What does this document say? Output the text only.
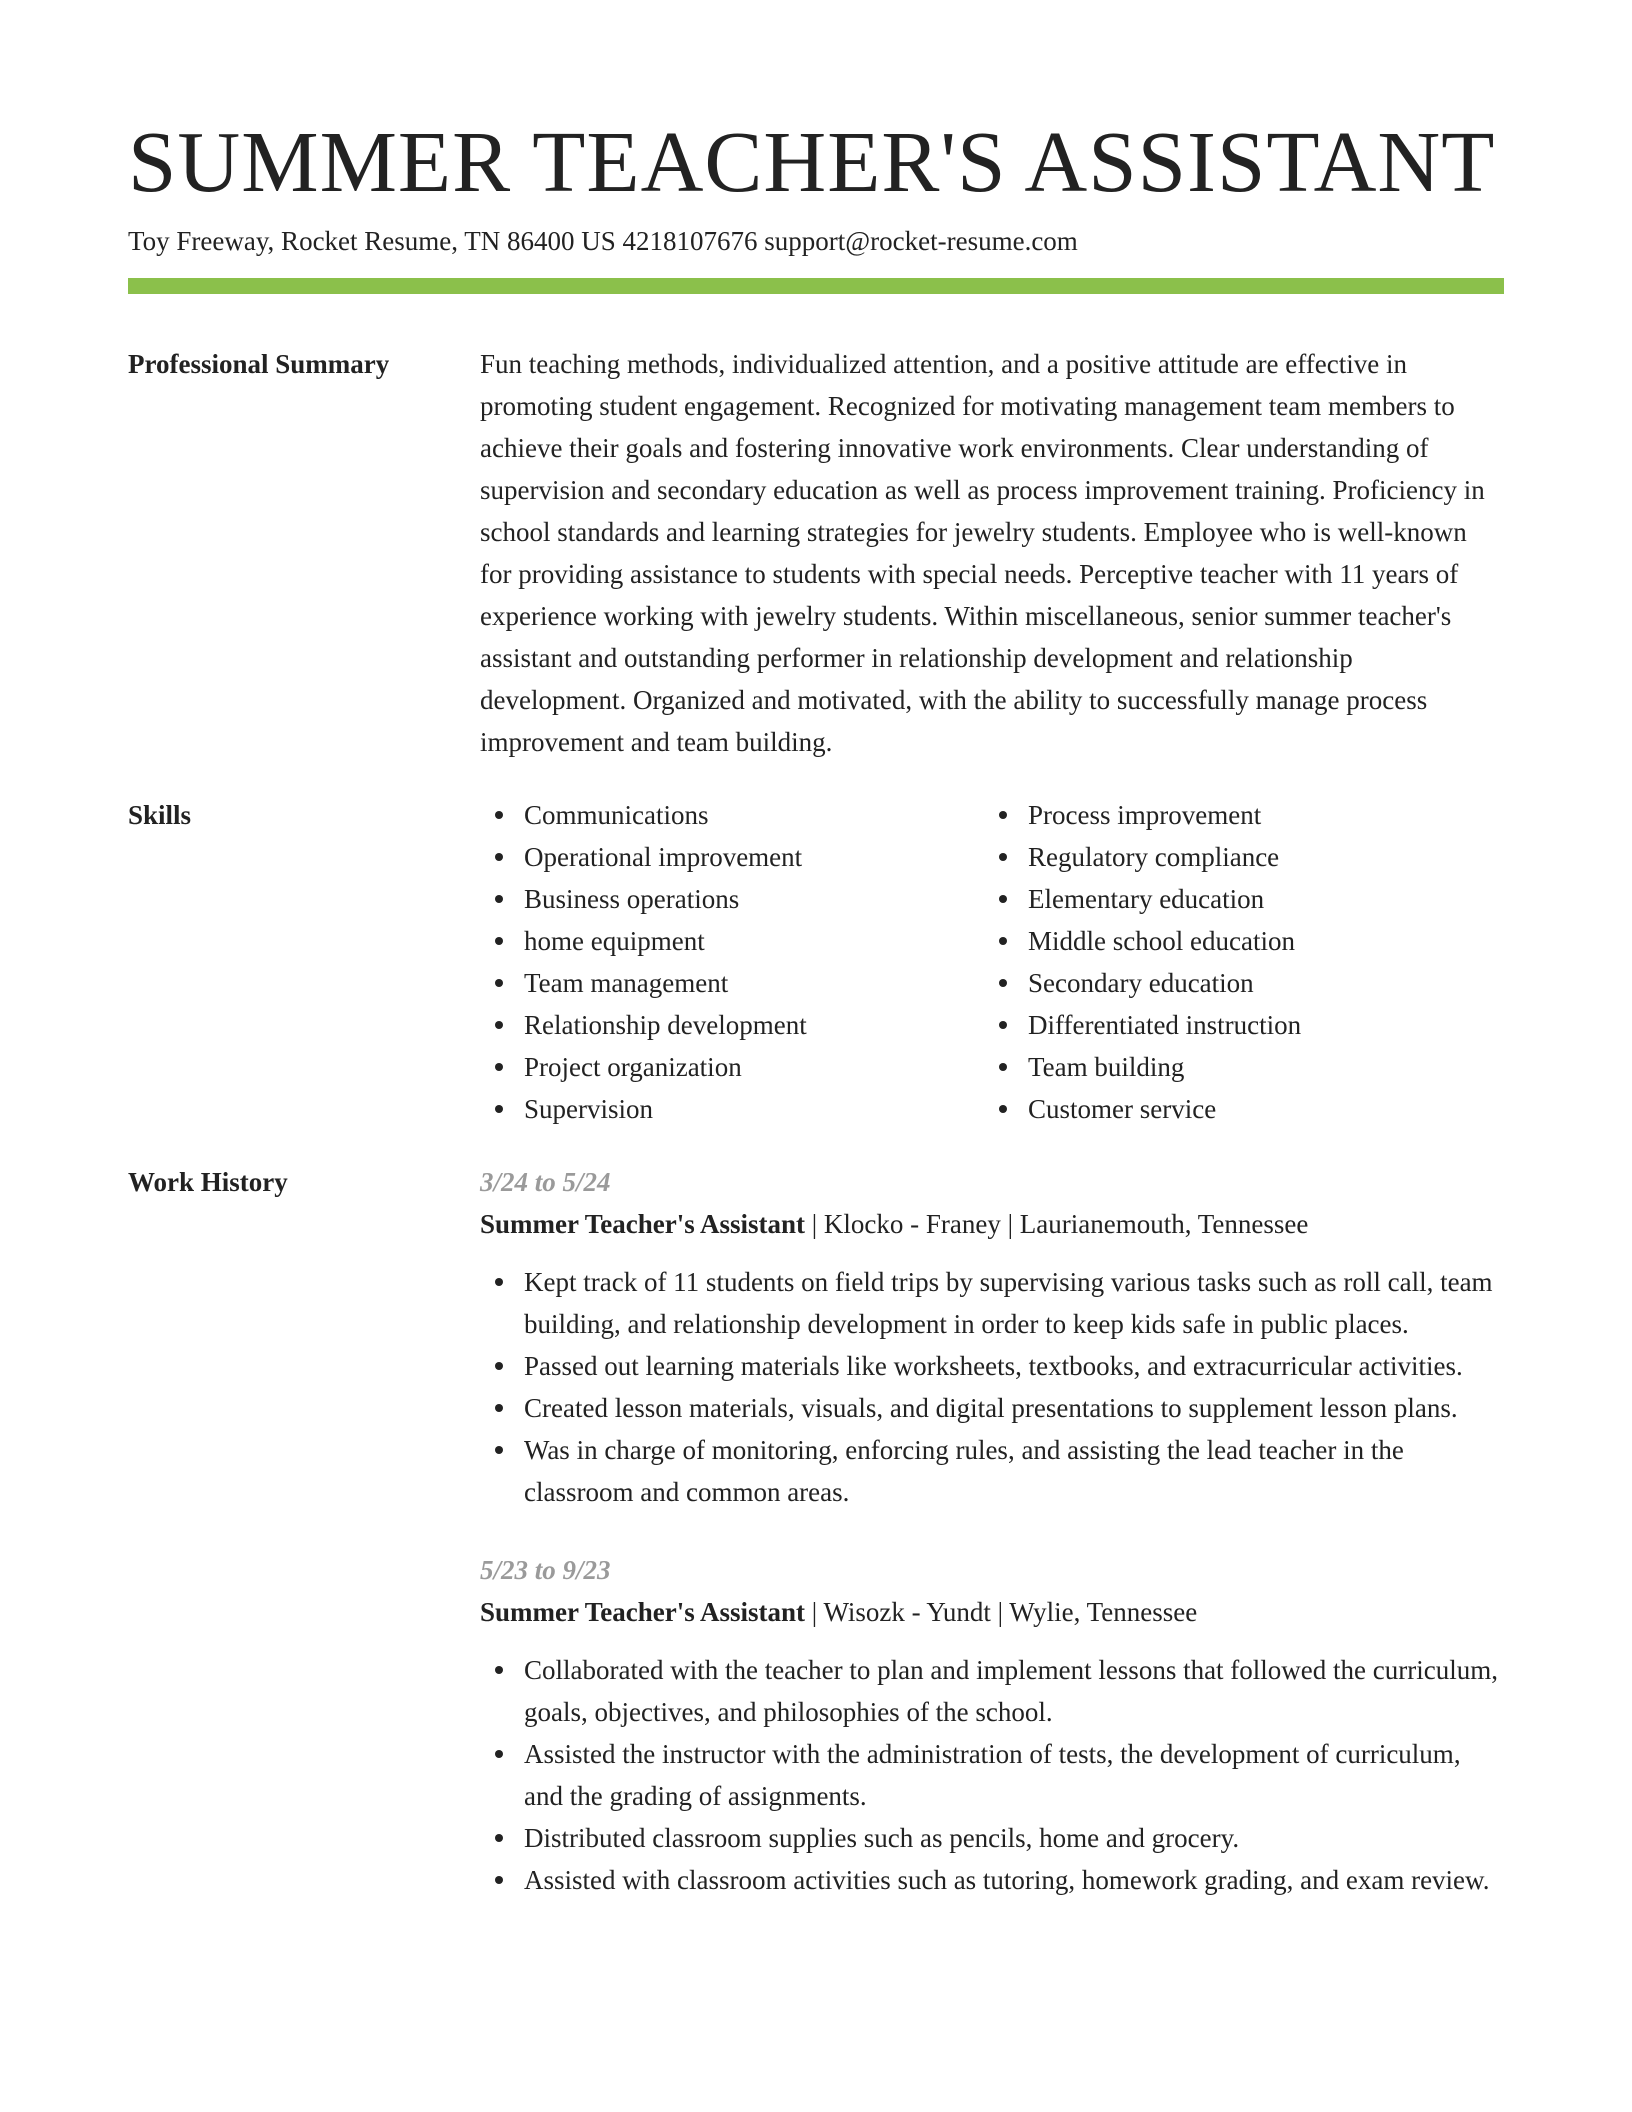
SUMMER TEACHER'S ASSISTANT
Toy Freeway, Rocket Resume, TN 86400 US 4218107676 support@rocket-resume.com
Professional Summary	Fun teaching methods, individualized attention, and a positive attitude are effective in promoting student engagement. Recognized for motivating management team members to achieve their goals and fostering innovative work environments. Clear understanding of supervision and secondary education as well as process improvement training. Proficiency in school standards and learning strategies for jewelry students. Employee who is well-known for providing assistance to students with special needs. Perceptive teacher with 11 years of experience working with jewelry students. Within miscellaneous, senior summer teacher's assistant and outstanding performer in relationship development and relationship development. Organized and motivated, with the ability to successfully manage process improvement and team building.
Skills	Communications
Operational improvement
Business operations
home equipment
Team management
Relationship development
Project organization
Supervision
Process improvement
Regulatory compliance
Elementary education
Middle school education
Secondary education
Differentiated instruction
Team building
Customer service
Work History	3/24 to 5/24
Summer Teacher's Assistant | Klocko - Franey | Laurianemouth, Tennessee
Kept track of 11 students on field trips by supervising various tasks such as roll call, team building, and relationship development in order to keep kids safe in public places.
Passed out learning materials like worksheets, textbooks, and extracurricular activities.
Created lesson materials, visuals, and digital presentations to supplement lesson plans.
Was in charge of monitoring, enforcing rules, and assisting the lead teacher in the classroom and common areas.
5/23 to 9/23
Summer Teacher's Assistant | Wisozk - Yundt | Wylie, Tennessee
Collaborated with the teacher to plan and implement lessons that followed the curriculum, goals, objectives, and philosophies of the school.
Assisted the instructor with the administration of tests, the development of curriculum, and the grading of assignments.
Distributed classroom supplies such as pencils, home and grocery.
Assisted with classroom activities such as tutoring, homework grading, and exam review.
